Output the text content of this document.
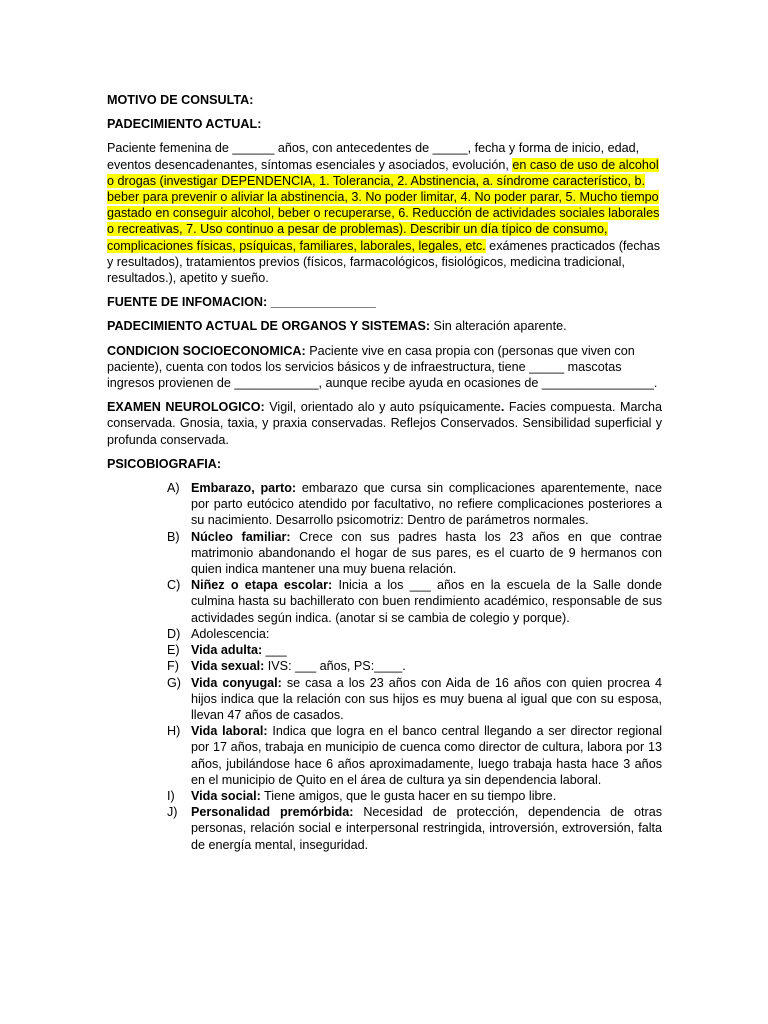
MOTIVO DE CONSULTA:

PADECIMIENTO ACTUAL:

Paciente femenina de ______ años, con antecedentes de _____, fecha y forma de inicio, edad, eventos desencadenantes, síntomas esenciales y asociados, evolución, en caso de uso de alcohol o drogas (investigar DEPENDENCIA, 1. Tolerancia, 2. Abstinencia, a. síndrome característico, b. beber para prevenir o aliviar la abstinencia, 3. No poder limitar, 4. No poder parar, 5. Mucho tiempo gastado en conseguir alcohol, beber o recuperarse, 6. Reducción de actividades sociales laborales o recreativas, 7. Uso continuo a pesar de problemas). Describir un día típico de consumo, complicaciones físicas, psíquicas, familiares, laborales, legales, etc. exámenes practicados (fechas y resultados), tratamientos previos (físicos, farmacológicos, fisiológicos, medicina tradicional, resultados.), apetito y sueño.

FUENTE DE INFOMACION: _______________

PADECIMIENTO ACTUAL DE ORGANOS Y SISTEMAS: Sin alteración aparente.

CONDICION SOCIOECONOMICA: Paciente vive en casa propia con (personas que viven con paciente), cuenta con todos los servicios básicos y de infraestructura, tiene _____ mascotas ingresos provienen de ____________, aunque recibe ayuda en ocasiones de ________________.

EXAMEN NEUROLOGICO: Vigil, orientado alo y auto psíquicamente. Facies compuesta. Marcha conservada. Gnosia, taxia, y praxia conservadas. Reflejos Conservados. Sensibilidad superficial y profunda conservada.

PSICOBIOGRAFIA:

A) Embarazo, parto: embarazo que cursa sin complicaciones aparentemente, nace por parto eutócico atendido por facultativo, no refiere complicaciones posteriores a su nacimiento. Desarrollo psicomotriz: Dentro de parámetros normales.
B) Núcleo familiar: Crece con sus padres hasta los 23 años en que contrae matrimonio abandonando el hogar de sus pares, es el cuarto de 9 hermanos con quien indica mantener una muy buena relación.
C) Niñez o etapa escolar: Inicia a los ___ años en la escuela de la Salle donde culmina hasta su bachillerato con buen rendimiento académico, responsable de sus actividades según indica. (anotar si se cambia de colegio y porque).
D) Adolescencia:
E) Vida adulta: ___
F) Vida sexual: IVS: ___ años, PS:____.
G) Vida conyugal: se casa a los 23 años con Aida de 16 años con quien procrea 4 hijos indica que la relación con sus hijos es muy buena al igual que con su esposa, llevan 47 años de casados.
H) Vida laboral: Indica que logra en el banco central llegando a ser director regional por 17 años, trabaja en municipio de cuenca como director de cultura, labora por 13 años, jubilándose hace 6 años aproximadamente, luego trabaja hasta hace 3 años en el municipio de Quito en el área de cultura ya sin dependencia laboral.
I) Vida social: Tiene amigos, que le gusta hacer en su tiempo libre.
J) Personalidad premórbida: Necesidad de protección, dependencia de otras personas, relación social e interpersonal restringida, introversión, extroversión, falta de energía mental, inseguridad.
